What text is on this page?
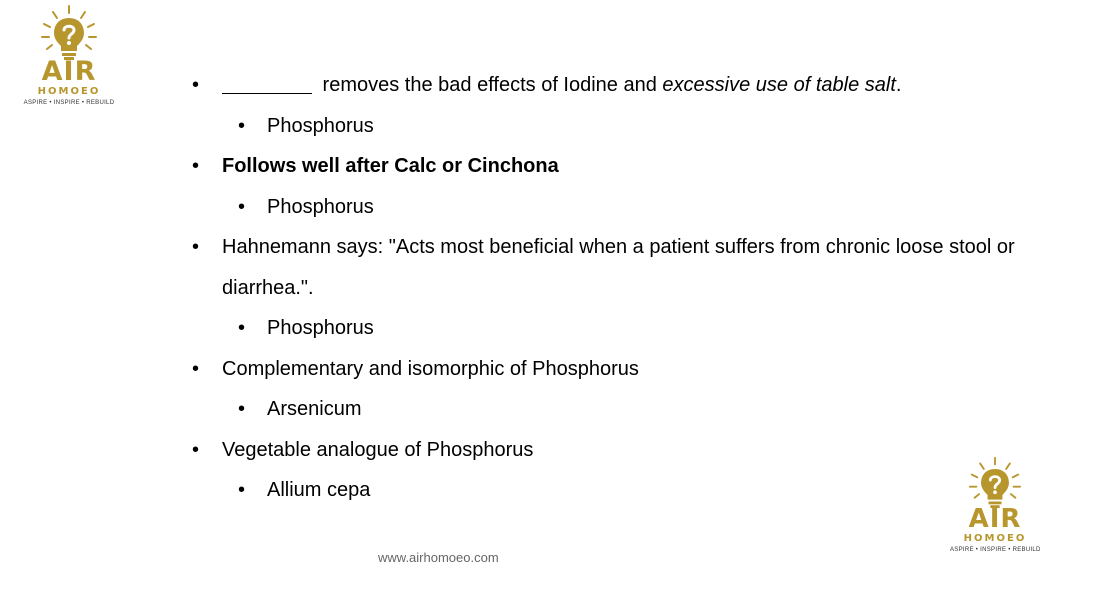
AIR
HOMOEO
ASPIRE • INSPIRE • REBUILD
•	removes the bad effects of Iodine and excessive use of table salt.
• Phosphorus
• Follows well after Calc or Cinchona
• Phosphorus
• Hahnemann says: "Acts most beneficial when a patient suffers from chronic loose stool or
diarrhea.".
• Phosphorus
• Complementary and isomorphic of Phosphorus
• Arsenicum
• Vegetable analogue of Phosphorus
• Allium cepa
www.airhomoeo.com
AIR
HOMOEO
ASPIRE • INSPIRE • REBUILD
